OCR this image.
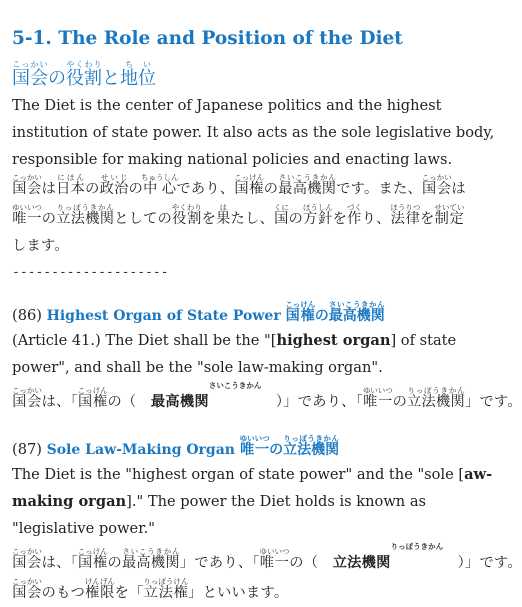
5-1. The Role and Position of the Diet
国会こっかいの役割やくわりと地位ちい

The Diet is the center of Japanese politics and the highest institution of state power. It also acts as the sole legislative body, responsible for making national policies and enacting laws.

国会こっかいは日本にほんの政治せいじの中心ちゅうしんであり、国権こっけんの最高機関さいこうきかんです。また、国会こっかいは
唯一ゆいいつの立法機関りっぽうきかんとしての役割やくわりを果はたし、国くにの方針ほうしんを作づくり、法律ほうりつを制定せいてい
します。
--------------------
(86) Highest Organ of State Power 国権こっけんの最高機関さいこうきかん

(Article 41.) The Diet shall be the "[highest organ] of state power", and shall be the "sole law-making organ".

国会こっかいは、「国権こっけんの（　最高機関さいこうきかん　）」であり、「唯一ゆいいつの立法機関りっぽうきかん」です。
(87) Sole Law-Making Organ 唯一ゆいいつの立法機関りっぽうきかん

The Diet is the "highest organ of state power" and the "sole [aw-making organ]." The power the Diet holds is known as "legislative power."

国会こっかいは、「国権こっけんの最高機関さいこうきかん」であり、「唯一ゆいいつの（　立法機関りっぽうきかん　）」です。
国会こっかいのもつ権限けんげんを「立法権りっぽうけん」といいます。
